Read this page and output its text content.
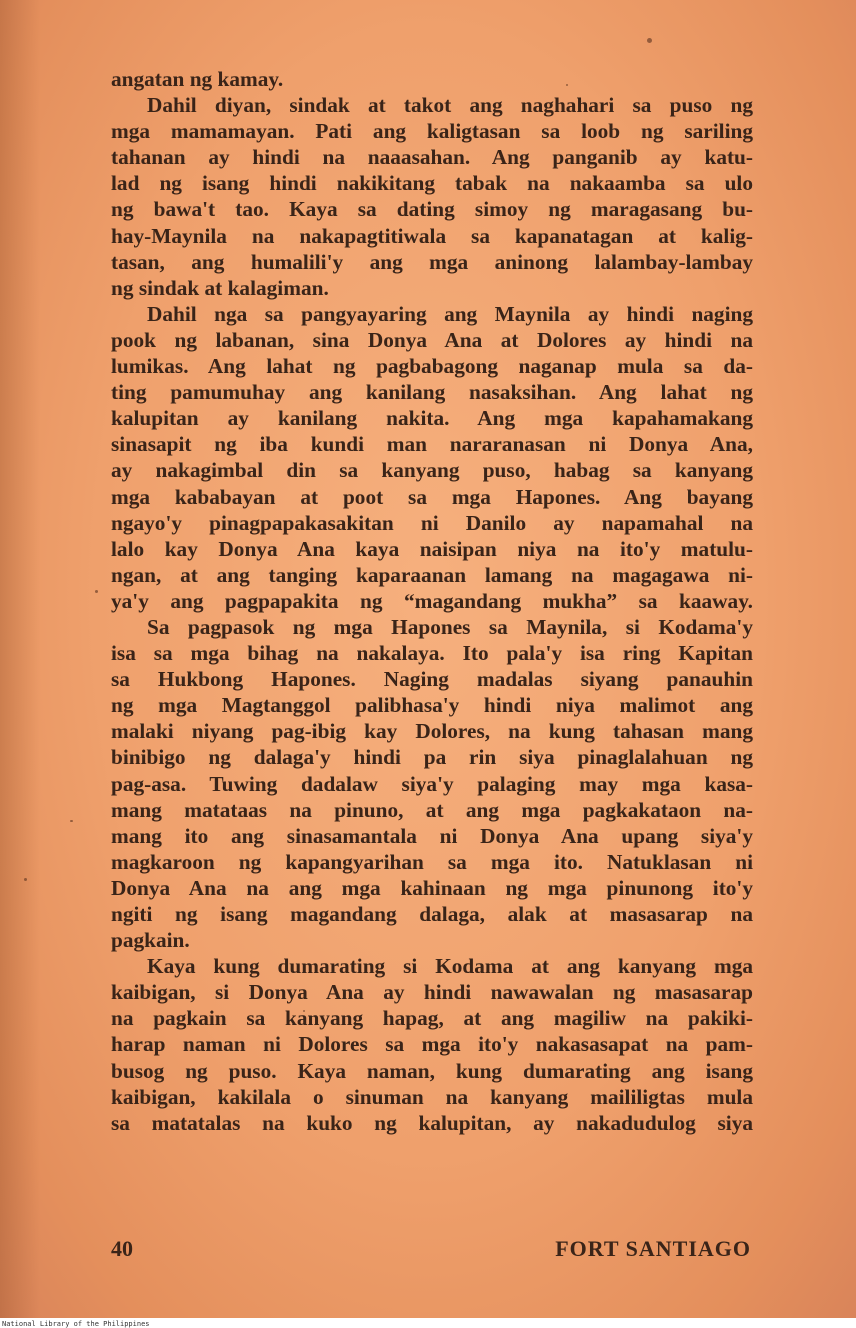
angatan ng kamay.
Dahil diyan, sindak at takot ang naghahari sa puso ng
mga mamamayan. Pati ang kaligtasan sa loob ng sariling
tahanan ay hindi na naaasahan. Ang panganib ay katu-
lad ng isang hindi nakikitang tabak na nakaamba sa ulo
ng bawa't tao. Kaya sa dating simoy ng maragasang bu-
hay-Maynila na nakapagtitiwala sa kapanatagan at kalig-
tasan, ang humalili'y ang mga aninong lalambay-lambay
ng sindak at kalagiman.
Dahil nga sa pangyayaring ang Maynila ay hindi naging
pook ng labanan, sina Donya Ana at Dolores ay hindi na
lumikas. Ang lahat ng pagbabagong naganap mula sa da-
ting pamumuhay ang kanilang nasaksihan. Ang lahat ng
kalupitan ay kanilang nakita. Ang mga kapahamakang
sinasapit ng iba kundi man nararanasan ni Donya Ana,
ay nakagimbal din sa kanyang puso, habag sa kanyang
mga kababayan at poot sa mga Hapones. Ang bayang
ngayo'y pinagpapakasakitan ni Danilo ay napamahal na
lalo kay Donya Ana kaya naisipan niya na ito'y matulu-
ngan, at ang tanging kaparaanan lamang na magagawa ni-
ya'y ang pagpapakita ng “magandang mukha” sa kaaway.
Sa pagpasok ng mga Hapones sa Maynila, si Kodama'y
isa sa mga bihag na nakalaya. Ito pala'y isa ring Kapitan
sa Hukbong Hapones. Naging madalas siyang panauhin
ng mga Magtanggol palibhasa'y hindi niya malimot ang
malaki niyang pag-ibig kay Dolores, na kung tahasan mang
binibigo ng dalaga'y hindi pa rin siya pinaglalahuan ng
pag-asa. Tuwing dadalaw siya'y palaging may mga kasa-
mang matataas na pinuno, at ang mga pagkakataon na-
mang ito ang sinasamantala ni Donya Ana upang siya'y
magkaroon ng kapangyarihan sa mga ito. Natuklasan ni
Donya Ana na ang mga kahinaan ng mga pinunong ito'y
ngiti ng isang magandang dalaga, alak at masasarap na
pagkain.
Kaya kung dumarating si Kodama at ang kanyang mga
kaibigan, si Donya Ana ay hindi nawawalan ng masasarap
na pagkain sa kanyang hapag, at ang magiliw na pakiki-
harap naman ni Dolores sa mga ito'y nakasasapat na pam-
busog ng puso. Kaya naman, kung dumarating ang isang
kaibigan, kakilala o sinuman na kanyang maililigtas mula
sa matatalas na kuko ng kalupitan, ay nakadudulog siya
40	FORT SANTIAGO
National Library of the Philippines
